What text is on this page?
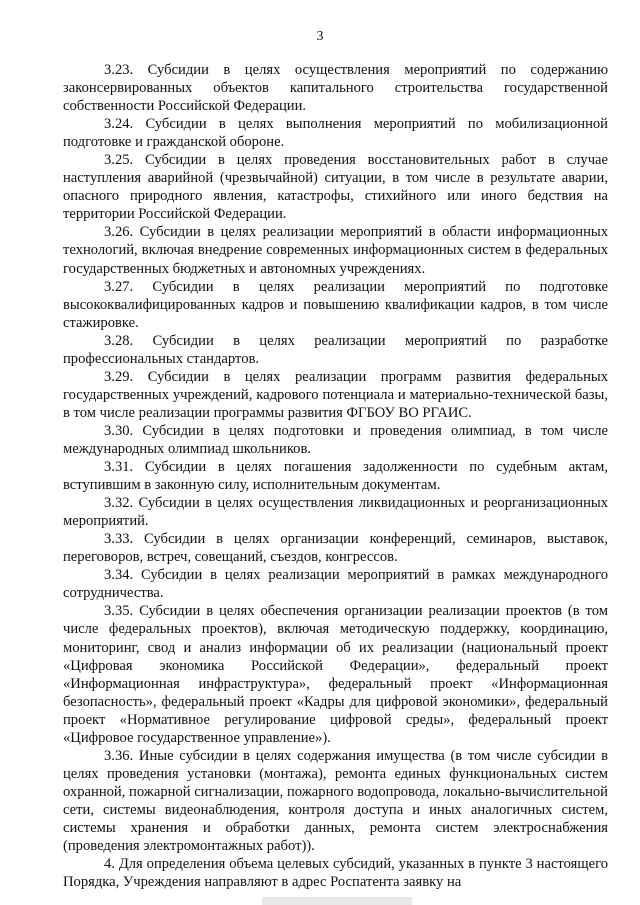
3

3.23. Субсидии в целях осуществления мероприятий по содержанию законсервированных объектов капитального строительства государственной собственности Российской Федерации.

3.24. Субсидии в целях выполнения мероприятий по мобилизационной подготовке и гражданской обороне.

3.25. Субсидии в целях проведения восстановительных работ в случае наступления аварийной (чрезвычайной) ситуации, в том числе в результате аварии, опасного природного явления, катастрофы, стихийного или иного бедствия на территории Российской Федерации.

3.26. Субсидии в целях реализации мероприятий в области информационных технологий, включая внедрение современных информационных систем в федеральных государственных бюджетных и автономных учреждениях.

3.27. Субсидии в целях реализации мероприятий по подготовке высококвалифицированных кадров и повышению квалификации кадров, в том числе стажировке.

3.28. Субсидии в целях реализации мероприятий по разработке профессиональных стандартов.

3.29. Субсидии в целях реализации программ развития федеральных государственных учреждений, кадрового потенциала и материально-технической базы, в том числе реализации программы развития ФГБОУ ВО РГАИС.

3.30. Субсидии в целях подготовки и проведения олимпиад, в том числе международных олимпиад школьников.

3.31. Субсидии в целях погашения задолженности по судебным актам, вступившим в законную силу, исполнительным документам.

3.32. Субсидии в целях осуществления ликвидационных и реорганизационных мероприятий.

3.33. Субсидии в целях организации конференций, семинаров, выставок, переговоров, встреч, совещаний, съездов, конгрессов.

3.34. Субсидии в целях реализации мероприятий в рамках международного сотрудничества.

3.35. Субсидии в целях обеспечения организации реализации проектов (в том числе федеральных проектов), включая методическую поддержку, координацию, мониторинг, свод и анализ информации об их реализации (национальный проект «Цифровая экономика Российской Федерации», федеральный проект «Информационная инфраструктура», федеральный проект «Информационная безопасность», федеральный проект «Кадры для цифровой экономики», федеральный проект «Нормативное регулирование цифровой среды», федеральный проект «Цифровое государственное управление»).

3.36. Иные субсидии в целях содержания имущества (в том числе субсидии в целях проведения установки (монтажа), ремонта единых функциональных систем охранной, пожарной сигнализации, пожарного водопровода, локально-вычислительной сети, системы видеонаблюдения, контроля доступа и иных аналогичных систем, системы хранения и обработки данных, ремонта систем электроснабжения (проведения электромонтажных работ)).

4. Для определения объема целевых субсидий, указанных в пункте 3 настоящего Порядка, Учреждения направляют в адрес Роспатента заявку на
